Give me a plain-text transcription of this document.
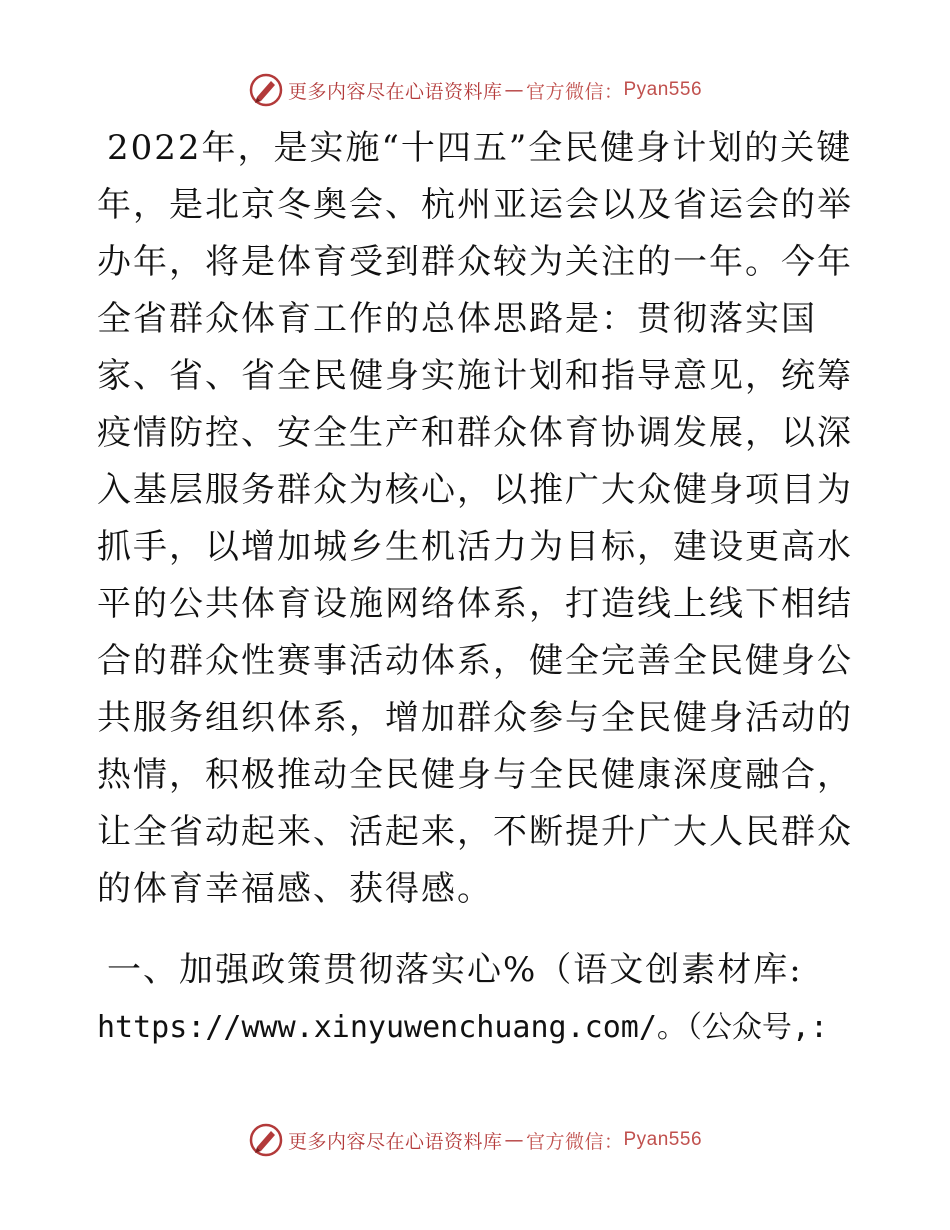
更多内容尽在心语资料库 — 官方微信： Pyan556

2022年，是实施“十四五”全民健身计划的关键年，是北京冬奥会、杭州亚运会以及省运会的举办年，将是体育受到群众较为关注的一年。今年全省群众体育工作的总体思路是：贯彻落实国家、省、省全民健身实施计划和指导意见，统筹疫情防控、安全生产和群众体育协调发展，以深入基层服务群众为核心，以推广大众健身项目为抓手，以增加城乡生机活力为目标，建设更高水平的公共体育设施网络体系，打造线上线下相结合的群众性赛事活动体系，健全完善全民健身公共服务组织体系，增加群众参与全民健身活动的热情，积极推动全民健身与全民健康深度融合，让全省动起来、活起来，不断提升广大人民群众的体育幸福感、获得感。

一、加强政策贯彻落实心%（语文创素材库:

https://www.xinyuwenchuang.com/。（公众号,:

更多内容尽在心语资料库 — 官方微信： Pyan556
